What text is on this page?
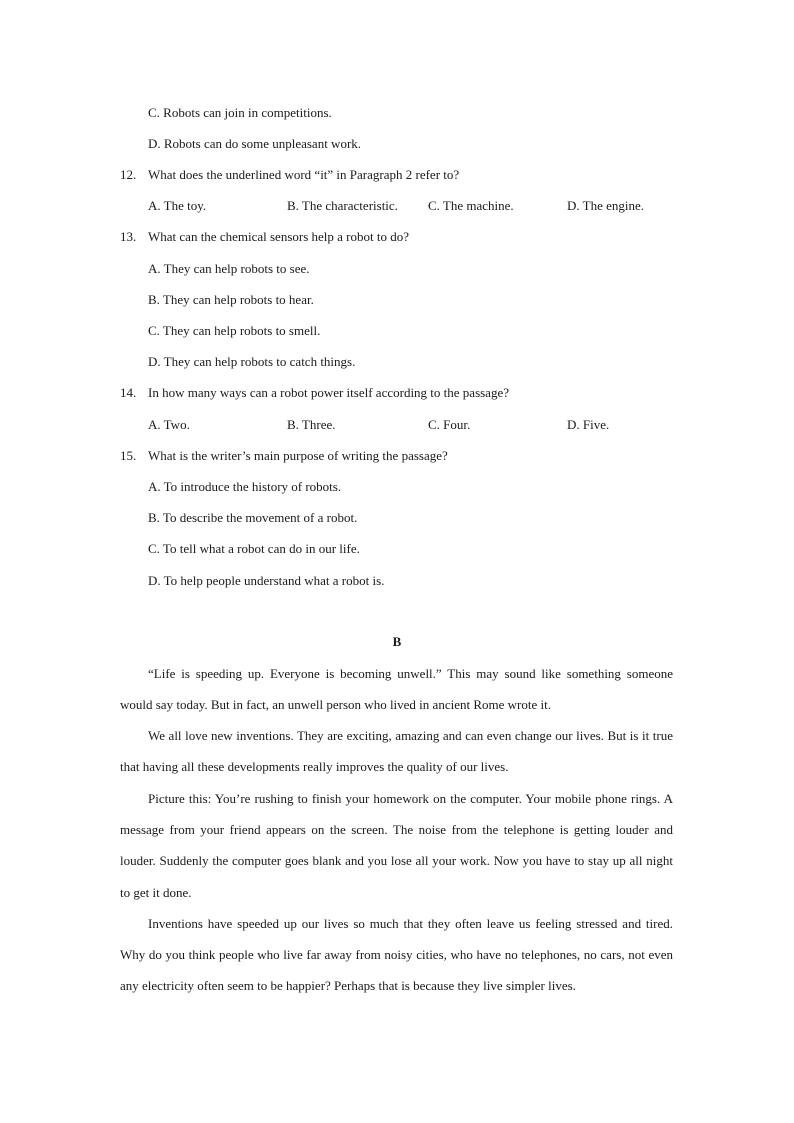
C. Robots can join in competitions.
D. Robots can do some unpleasant work.
12. What does the underlined word “it” in Paragraph 2 refer to?
A. The toy.	B. The characteristic. C. The machine.	D. The engine.
13. What can the chemical sensors help a robot to do?
A. They can help robots to see.
B. They can help robots to hear.
C. They can help robots to smell.
D. They can help robots to catch things.
14. In how many ways can a robot power itself according to the passage?
A. Two.	B. Three.	C. Four.	D. Five.
15. What is the writer’s main purpose of writing the passage?
A. To introduce the history of robots.
B. To describe the movement of a robot.
C. To tell what a robot can do in our life.
D. To help people understand what a robot is.
B

“Life is speeding up. Everyone is becoming unwell.” This may sound like something someone would say today. But in fact, an unwell person who lived in ancient Rome wrote it.

We all love new inventions. They are exciting, amazing and can even change our lives. But is it true that having all these developments really improves the quality of our lives.

Picture this: You’re rushing to finish your homework on the computer. Your mobile phone rings. A message from your friend appears on the screen. The noise from the telephone is getting louder and louder. Suddenly the computer goes blank and you lose all your work. Now you have to stay up all night to get it done.

Inventions have speeded up our lives so much that they often leave us feeling stressed and tired. Why do you think people who live far away from noisy cities, who have no telephones, no cars, not even any electricity often seem to be happier? Perhaps that is because they live simpler lives.
